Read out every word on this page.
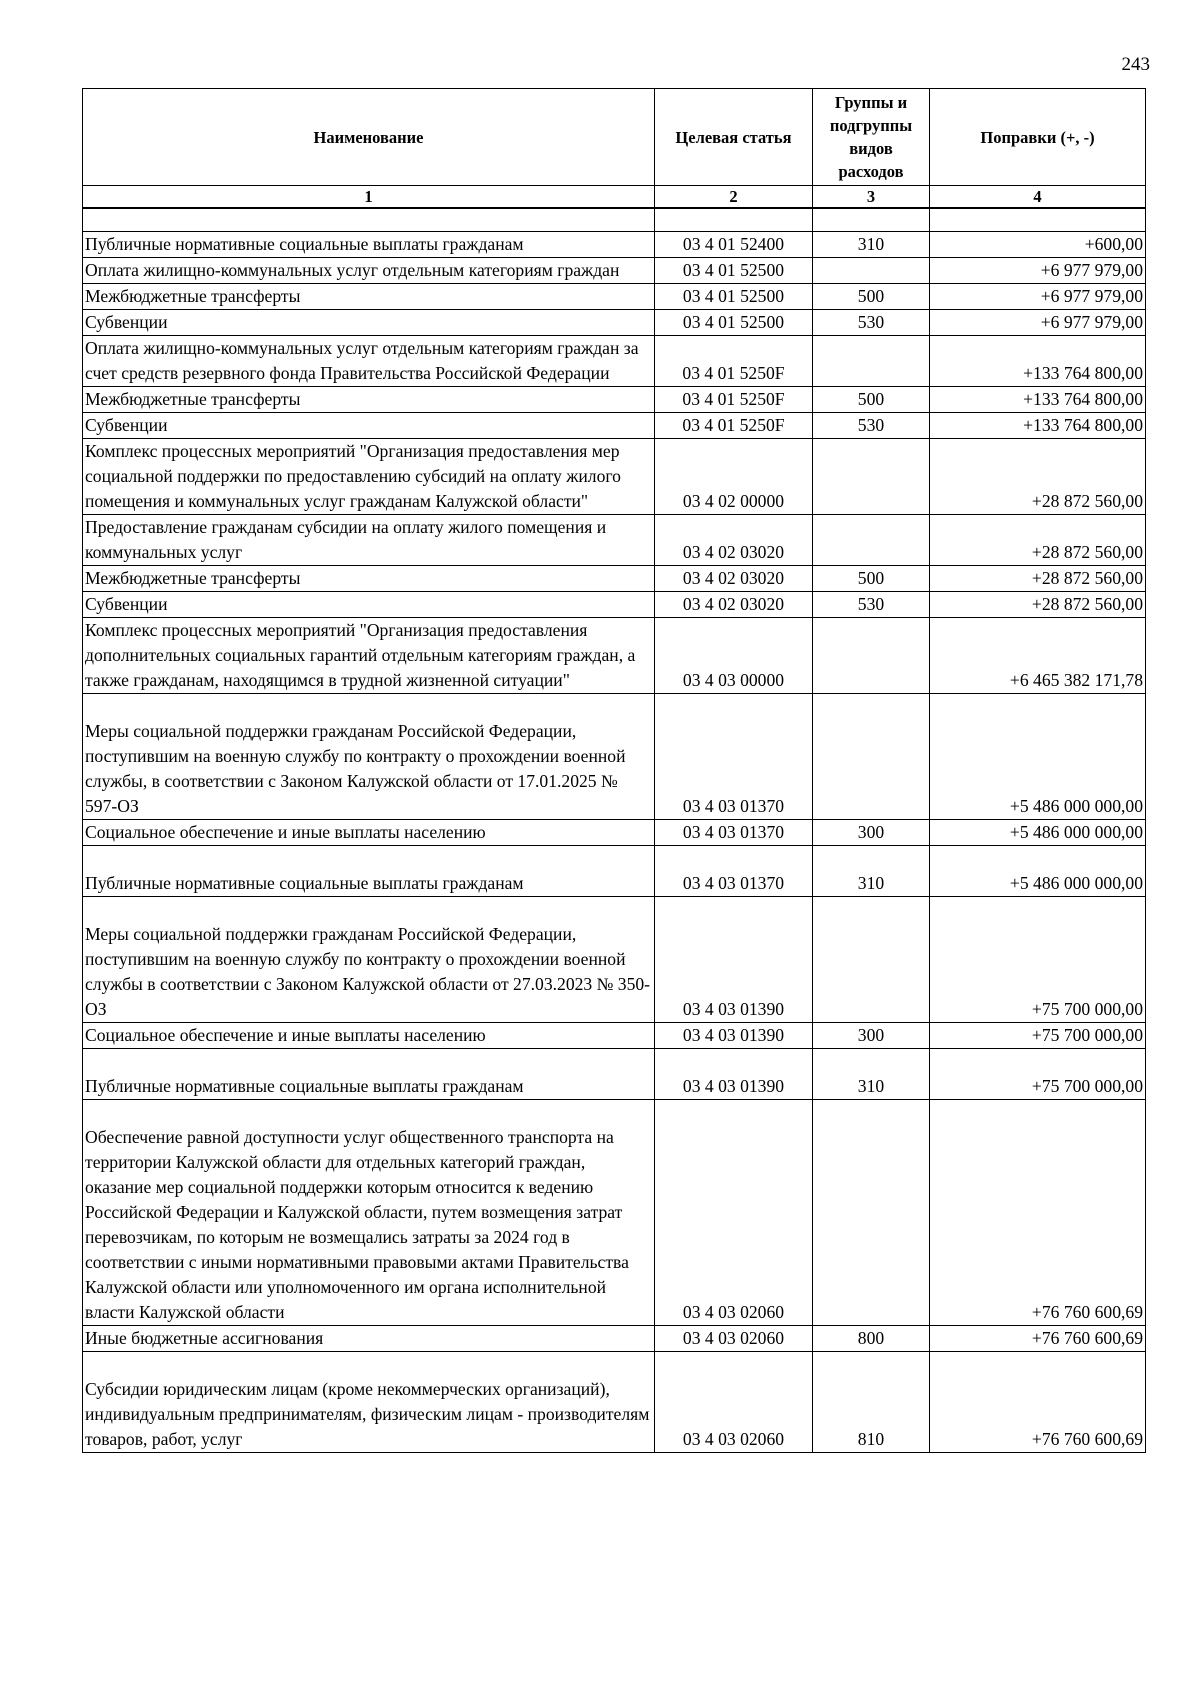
243
Наименование	Целевая статья	Группы и подгруппы видов расходов	Поправки (+, -)
1	2	3	4

Публичные нормативные социальные выплаты гражданам	03 4 01 52400	310	+600,00
Оплата жилищно-коммунальных услуг отдельным категориям граждан	03 4 01 52500		+6 977 979,00
Межбюджетные трансферты	03 4 01 52500	500	+6 977 979,00
Субвенции	03 4 01 52500	530	+6 977 979,00
Оплата жилищно-коммунальных услуг отдельным категориям граждан за счет средств резервного фонда Правительства Российской Федерации	03 4 01 5250F		+133 764 800,00
Межбюджетные трансферты	03 4 01 5250F	500	+133 764 800,00
Субвенции	03 4 01 5250F	530	+133 764 800,00
Комплекс процессных мероприятий "Организация предоставления мер социальной поддержки по предоставлению субсидий на оплату жилого помещения и коммунальных услуг гражданам Калужской области"	03 4 02 00000		+28 872 560,00
Предоставление гражданам субсидии на оплату жилого помещения и коммунальных услуг	03 4 02 03020		+28 872 560,00
Межбюджетные трансферты	03 4 02 03020	500	+28 872 560,00
Субвенции	03 4 02 03020	530	+28 872 560,00
Комплекс процессных мероприятий "Организация предоставления дополнительных социальных гарантий отдельным категориям граждан, а также гражданам, находящимся в трудной жизненной ситуации"	03 4 03 00000		+6 465 382 171,78
Меры социальной поддержки гражданам Российской Федерации, поступившим на военную службу по контракту о прохождении военной службы, в соответствии с Законом Калужской области от 17.01.2025 № 597-ОЗ	03 4 03 01370		+5 486 000 000,00
Социальное обеспечение и иные выплаты населению	03 4 03 01370	300	+5 486 000 000,00
Публичные нормативные социальные выплаты гражданам	03 4 03 01370	310	+5 486 000 000,00
Меры социальной поддержки гражданам Российской Федерации, поступившим на военную службу по контракту о прохождении военной службы в соответствии с Законом Калужской области от 27.03.2023 № 350-ОЗ	03 4 03 01390		+75 700 000,00
Социальное обеспечение и иные выплаты населению	03 4 03 01390	300	+75 700 000,00
Публичные нормативные социальные выплаты гражданам	03 4 03 01390	310	+75 700 000,00
Обеспечение равной доступности услуг общественного транспорта на территории Калужской области для отдельных категорий граждан, оказание мер социальной поддержки которым относится к ведению Российской Федерации и Калужской области, путем возмещения затрат перевозчикам, по которым не возмещались затраты за 2024 год в соответствии с иными нормативными правовыми актами Правительства Калужской области или уполномоченного им органа исполнительной власти Калужской области	03 4 03 02060		+76 760 600,69
Иные бюджетные ассигнования	03 4 03 02060	800	+76 760 600,69
Субсидии юридическим лицам (кроме некоммерческих организаций), индивидуальным предпринимателям, физическим лицам - производителям товаров, работ, услуг	03 4 03 02060	810	+76 760 600,69
